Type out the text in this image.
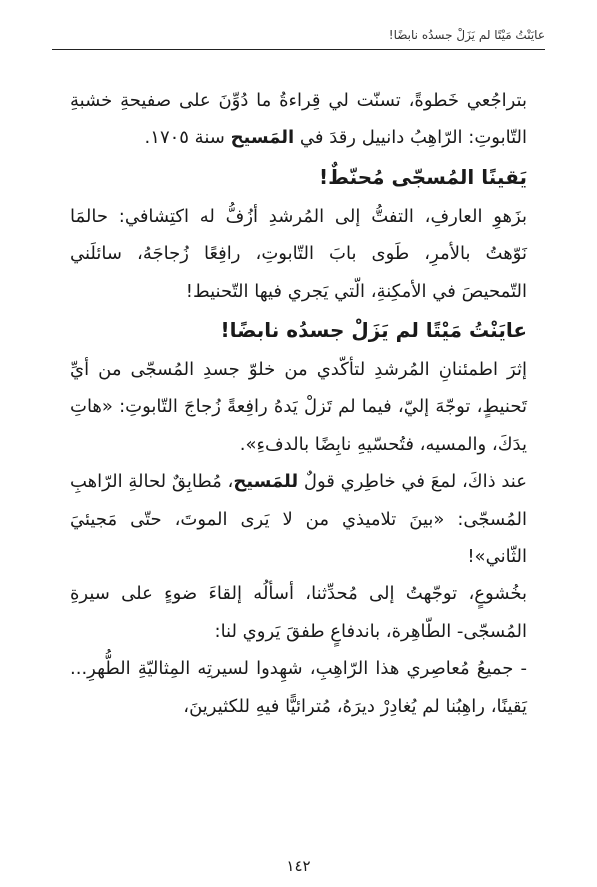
عايَنْتُ مَيْتًا لم يَزَلْ جسدُه نابضًا!

بتراجُعي خَطوةً، تسنّت لي قِراءةُ ما دُوِّنَ على صفيحةِ خشبةِ التّابوتِ: الرّاهِبُ دانييل رقدَ في المَسيح سنة ١٧٠٥.

يَقينًا المُسجّى مُحنّطٌ!

بزَهوِ العارفِ، التفتُّ إلى المُرشدِ أزُفُّ له اكتِشافي: حالمَا نَوّهتُ بالأمرِ، طَوى بابَ التّابوتِ، رافِعًا زُجاجَهُ، سائلَني التّمحيصَ في الأمكِنةِ، الّتي يَجري فيها التّحنيط!

عايَنْتُ مَيْتًا لم يَزَلْ جسدُه نابضًا!

إثرَ اطمئنانِ المُرشدِ لتأكّدي من خلوّ جسدِ المُسجّى من أيِّ تَحنيطٍ، توجّهَ إليّ، فيما لم تَزلْ يَدهُ رافِعةً زُجاجَ التّابوتِ: «هاتِ يدَكَ، والمسيه، فتُحسّيهِ نابِضًا بالدفءِ».

عند ذاكَ، لمعَ في خاطِري قولٌ للمَسيح، مُطابِقٌ لحالةِ الرّاهبِ المُسجّى: «بينَ تلاميذي من لا يَرى الموتَ، حتّى مَجيئيَ الثّاني»!

بخُشوعٍ، توجّهتُ إلى مُحدِّثنا، أسألُه إلقاءَ ضوءٍ على سيرةِ المُسجّى- الطّاهِرة، باندفاعٍ طفقَ يَروي لنا:

- جميعُ مُعاصِري هذا الرّاهِبِ، شهِدوا لسيرتِه المِثاليّةِ الطُّهرِ... يَقينًا، راهِبُنا لم يُغادِرْ ديرَهُ، مُترائيًّا فيهِ للكثيرينَ،

١٤٢
